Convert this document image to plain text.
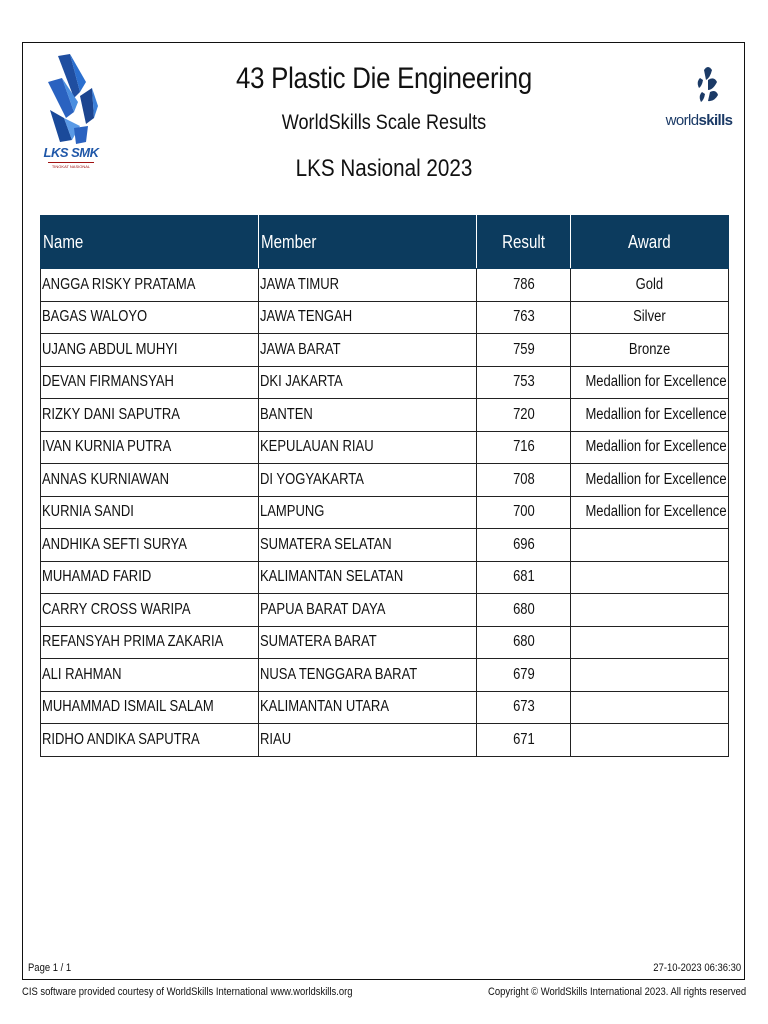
LKS SMK
TINGKAT NASIONAL
worldskills
43 Plastic Die Engineering
WorldSkills Scale Results
LKS Nasional 2023
Name	Member	Result	Award
ANGGA RISKY PRATAMA	JAWA TIMUR	786	Gold
BAGAS WALOYO	JAWA TENGAH	763	Silver
UJANG ABDUL MUHYI	JAWA BARAT	759	Bronze
DEVAN FIRMANSYAH	DKI JAKARTA	753	Medallion for Excellence
RIZKY DANI SAPUTRA	BANTEN	720	Medallion for Excellence
IVAN KURNIA PUTRA	KEPULAUAN RIAU	716	Medallion for Excellence
ANNAS KURNIAWAN	DI YOGYAKARTA	708	Medallion for Excellence
KURNIA SANDI	LAMPUNG	700	Medallion for Excellence
ANDHIKA SEFTI SURYA	SUMATERA SELATAN	696	
MUHAMAD FARID	KALIMANTAN SELATAN	681	
CARRY CROSS WARIPA	PAPUA BARAT DAYA	680	
REFANSYAH PRIMA ZAKARIA	SUMATERA BARAT	680	
ALI RAHMAN	NUSA TENGGARA BARAT	679	
MUHAMMAD ISMAIL SALAM	KALIMANTAN UTARA	673	
RIDHO ANDIKA SAPUTRA	RIAU	671	
Page 1 / 1	27-10-2023 06:36:30
CIS software provided courtesy of WorldSkills International www.worldskills.org	Copyright © WorldSkills International 2023. All rights reserved
